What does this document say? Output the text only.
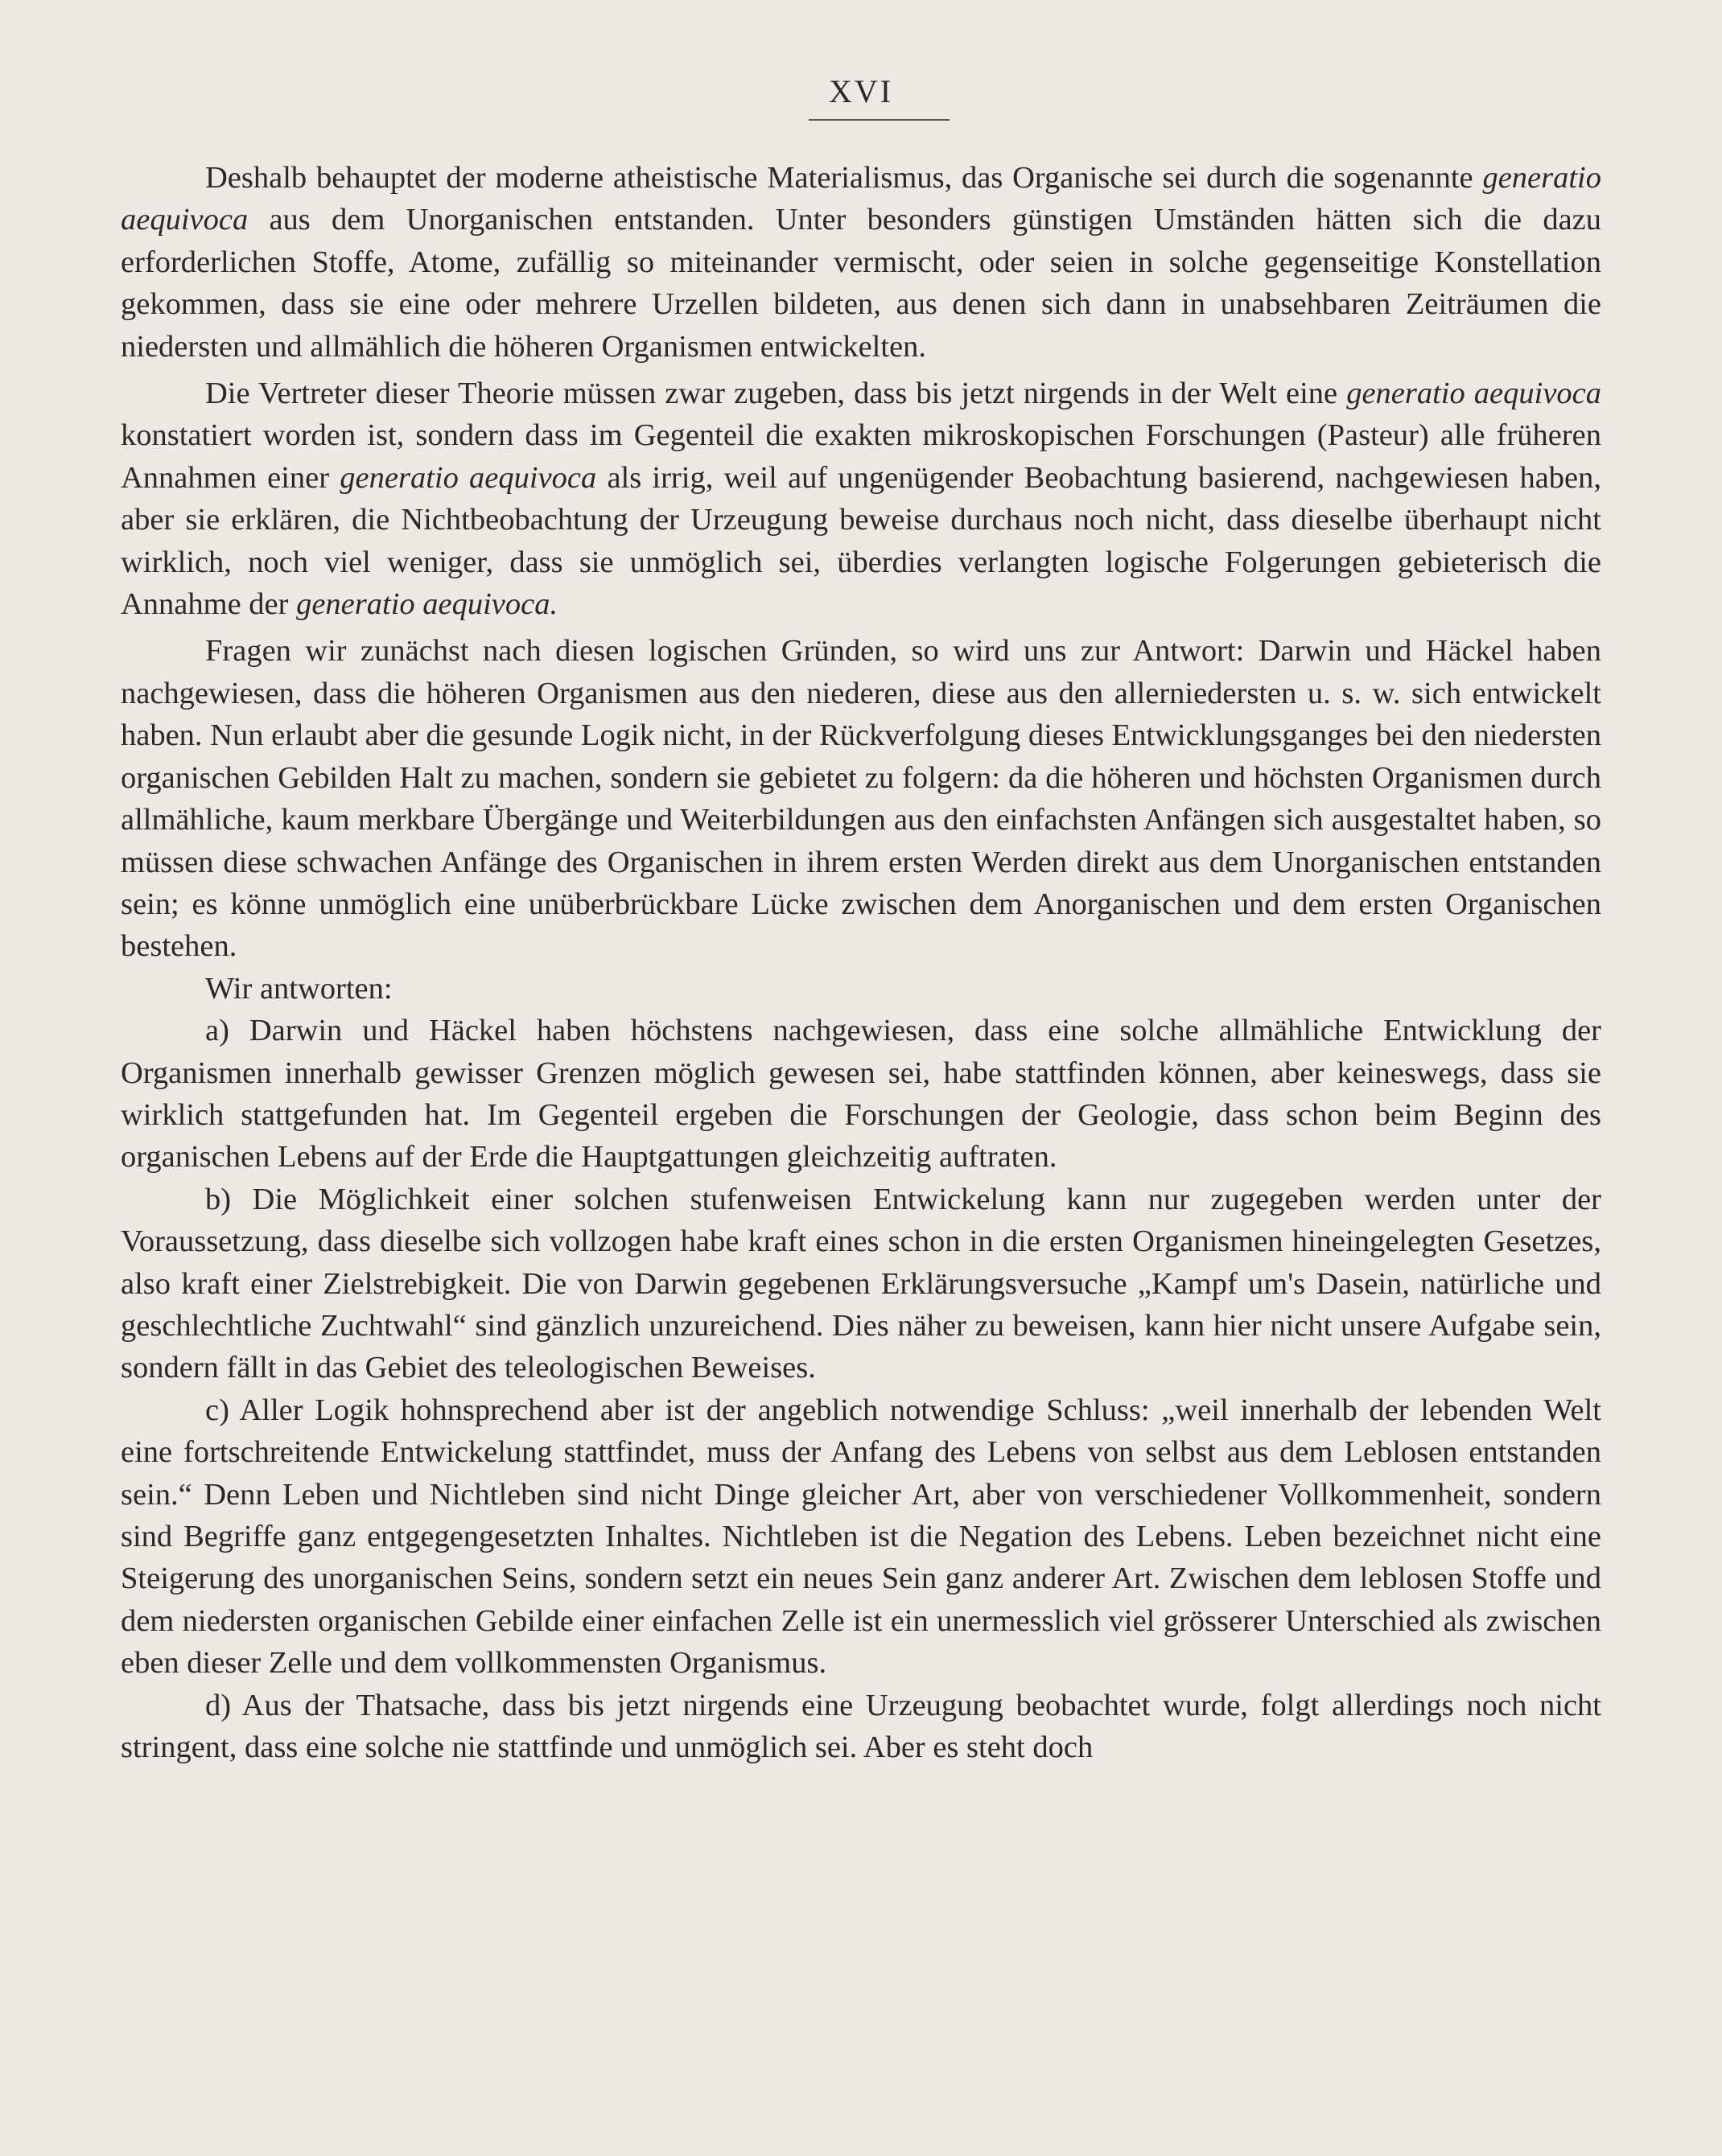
XVI

Deshalb behauptet der moderne atheistische Materialismus, das Organische sei durch die sogenannte generatio aequivoca aus dem Unorganischen entstanden. Unter besonders günstigen Umständen hätten sich die dazu erforderlichen Stoffe, Atome, zufällig so miteinander vermischt, oder seien in solche gegenseitige Konstellation gekommen, dass sie eine oder mehrere Urzellen bildeten, aus denen sich dann in unabsehbaren Zeiträumen die niedersten und allmählich die höheren Organismen entwickelten.

Die Vertreter dieser Theorie müssen zwar zugeben, dass bis jetzt nirgends in der Welt eine generatio aequivoca konstatiert worden ist, sondern dass im Gegenteil die exakten mikroskopischen Forschungen (Pasteur) alle früheren Annahmen einer generatio aequivoca als irrig, weil auf ungenügender Beobachtung basierend, nachgewiesen haben, aber sie erklären, die Nichtbeobachtung der Urzeugung beweise durchaus noch nicht, dass dieselbe überhaupt nicht wirklich, noch viel weniger, dass sie unmöglich sei, überdies verlangten logische Folgerungen gebieterisch die Annahme der generatio aequivoca.

Fragen wir zunächst nach diesen logischen Gründen, so wird uns zur Antwort: Darwin und Häckel haben nachgewiesen, dass die höheren Organismen aus den niederen, diese aus den allerniedersten u. s. w. sich entwickelt haben. Nun erlaubt aber die gesunde Logik nicht, in der Rückverfolgung dieses Entwicklungsganges bei den niedersten organischen Gebilden Halt zu machen, sondern sie gebietet zu folgern: da die höheren und höchsten Organismen durch allmähliche, kaum merkbare Übergänge und Weiterbildungen aus den einfachsten Anfängen sich ausgestaltet haben, so müssen diese schwachen Anfänge des Organischen in ihrem ersten Werden direkt aus dem Unorganischen entstanden sein; es könne unmöglich eine unüberbrückbare Lücke zwischen dem Anorganischen und dem ersten Organischen bestehen.

Wir antworten:

a) Darwin und Häckel haben höchstens nachgewiesen, dass eine solche allmähliche Entwicklung der Organismen innerhalb gewisser Grenzen möglich gewesen sei, habe stattfinden können, aber keineswegs, dass sie wirklich stattgefunden hat. Im Gegenteil ergeben die Forschungen der Geologie, dass schon beim Beginn des organischen Lebens auf der Erde die Hauptgattungen gleichzeitig auftraten.

b) Die Möglichkeit einer solchen stufenweisen Entwickelung kann nur zugegeben werden unter der Voraussetzung, dass dieselbe sich vollzogen habe kraft eines schon in die ersten Organismen hineingelegten Gesetzes, also kraft einer Zielstrebigkeit. Die von Darwin gegebenen Erklärungsversuche „Kampf um's Dasein, natürliche und geschlechtliche Zuchtwahl“ sind gänzlich unzureichend. Dies näher zu beweisen, kann hier nicht unsere Aufgabe sein, sondern fällt in das Gebiet des teleologischen Beweises.

c) Aller Logik hohnsprechend aber ist der angeblich notwendige Schluss: „weil innerhalb der lebenden Welt eine fortschreitende Entwickelung stattfindet, muss der Anfang des Lebens von selbst aus dem Leblosen entstanden sein.“ Denn Leben und Nichtleben sind nicht Dinge gleicher Art, aber von verschiedener Vollkommenheit, sondern sind Begriffe ganz entgegengesetzten Inhaltes. Nichtleben ist die Negation des Lebens. Leben bezeichnet nicht eine Steigerung des unorganischen Seins, sondern setzt ein neues Sein ganz anderer Art. Zwischen dem leblosen Stoffe und dem niedersten organischen Gebilde einer einfachen Zelle ist ein unermesslich viel grösserer Unterschied als zwischen eben dieser Zelle und dem vollkommensten Organismus.

d) Aus der Thatsache, dass bis jetzt nirgends eine Urzeugung beobachtet wurde, folgt allerdings noch nicht stringent, dass eine solche nie stattfinde und unmöglich sei. Aber es steht doch
